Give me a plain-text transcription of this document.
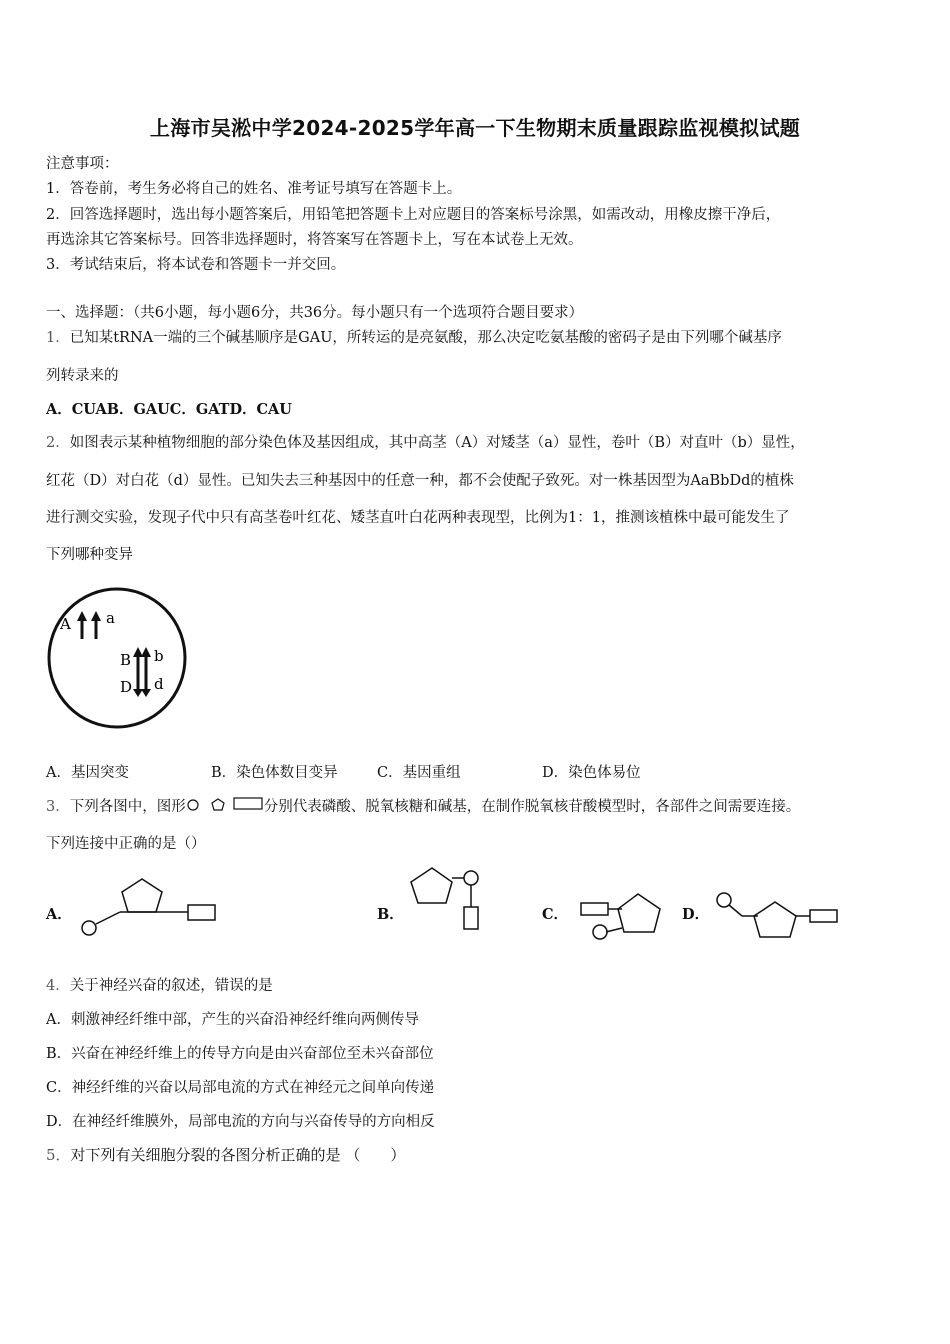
上海市吴淞中学2024-2025学年高一下生物期末质量跟踪监视模拟试题
注意事项：
1．答卷前，考生务必将自己的姓名、准考证号填写在答题卡上。
2．回答选择题时，选出每小题答案后，用铅笔把答题卡上对应题目的答案标号涂黑，如需改动，用橡皮擦干净后，
再选涂其它答案标号。回答非选择题时，将答案写在答题卡上，写在本试卷上无效。
3．考试结束后，将本试卷和答题卡一并交回。
一、选择题：（共6小题，每小题6分，共36分。每小题只有一个选项符合题目要求）
1．已知某tRNA一端的三个碱基顺序是GAU，所转运的是亮氨酸，那么决定吃氨基酸的密码子是由下列哪个碱基序
列转录来的
A．CUAB．GAUC．GATD．CAU
2．如图表示某种植物细胞的部分染色体及基因组成，其中高茎（A）对矮茎（a）显性，卷叶（B）对直叶（b）显性，
红花（D）对白花（d）显性。已知失去三种基因中的任意一种，都不会使配子致死。对一株基因型为AaBbDd的植株
进行测交实验，发现子代中只有高茎卷叶红花、矮茎直叶白花两种表现型，比例为1：1，推测该植株中最可能发生了
下列哪种变异
A a
B b
D d
A．基因突变	B．染色体数目变异	C．基因重组	D．染色体易位
3．下列各图中，图形	分别代表磷酸、脱氧核糖和碱基，在制作脱氧核苷酸模型时，各部件之间需要连接。
下列连接中正确的是（）
A．	B．	C．	D．
4．关于神经兴奋的叙述，错误的是
A．刺激神经纤维中部，产生的兴奋沿神经纤维向两侧传导
B．兴奋在神经纤维上的传导方向是由兴奋部位至未兴奋部位
C．神经纤维的兴奋以局部电流的方式在神经元之间单向传递
D．在神经纤维膜外，局部电流的方向与兴奋传导的方向相反
5．对下列有关细胞分裂的各图分析正确的是 （　　）
